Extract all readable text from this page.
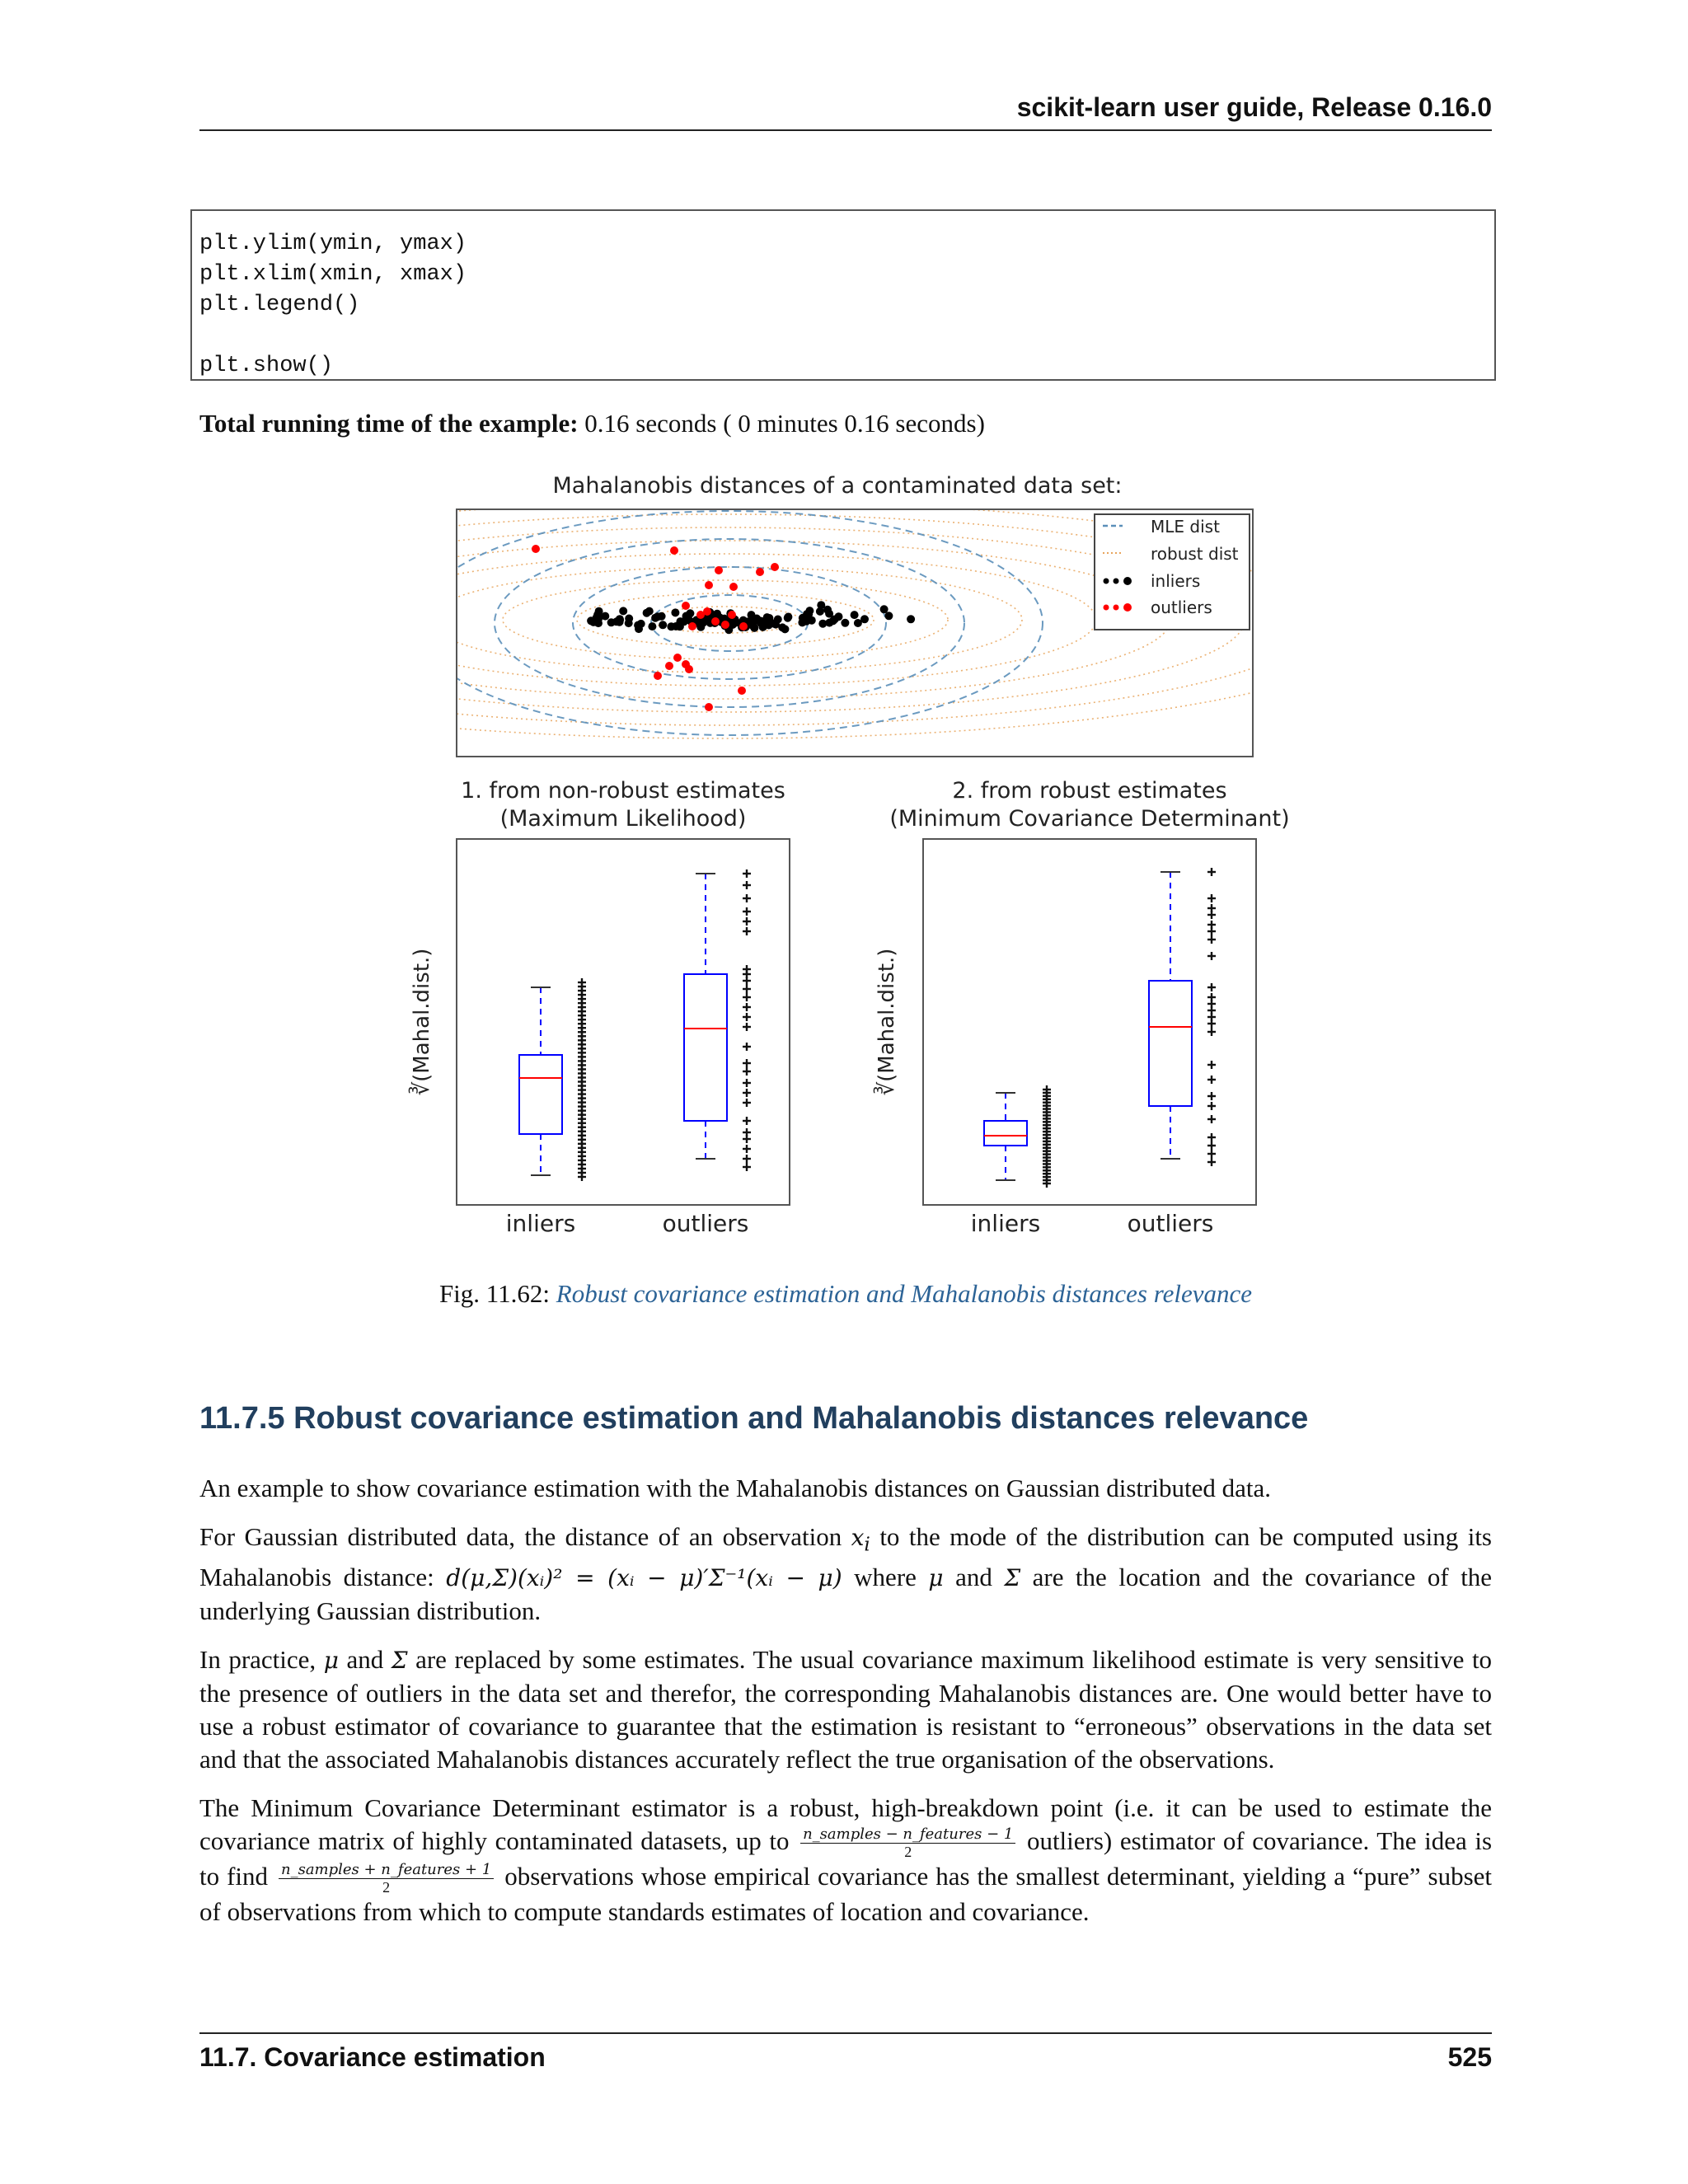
scikit-learn user guide, Release 0.16.0
plt.ylim(ymin, ymax)
plt.xlim(xmin, xmax)
plt.legend()

plt.show()
Total running time of the example: 0.16 seconds ( 0 minutes 0.16 seconds)
Mahalanobis distances of a contaminated data set:
MLE dist
robust dist
inliers
outliers
1. from non-robust estimates
(Maximum Likelihood)
2. from robust estimates
(Minimum Covariance Determinant)
∛(Mahal.dist.)
inliers	outliers
∛(Mahal.dist.)
inliers	outliers
Fig. 11.62: Robust covariance estimation and Mahalanobis distances relevance
11.7.5 Robust covariance estimation and Mahalanobis distances relevance

An example to show covariance estimation with the Mahalanobis distances on Gaussian distributed data.

For Gaussian distributed data, the distance of an observation $x_i$ to the mode of the distribution can be computed using its Mahalanobis distance: d(μ,Σ)(xᵢ)² = (xᵢ − μ)′Σ⁻¹(xᵢ − μ) where μ and Σ are the location and the covariance of the underlying Gaussian distribution.

In practice, μ and Σ are replaced by some estimates. The usual covariance maximum likelihood estimate is very sensitive to the presence of outliers in the data set and therefor, the corresponding Mahalanobis distances are. One would better have to use a robust estimator of covariance to guarantee that the estimation is resistant to “erroneous” observations in the data set and that the associated Mahalanobis distances accurately reflect the true organisation of the observations.

The Minimum Covariance Determinant estimator is a robust, high-breakdown point (i.e. it can be used to estimate the covariance matrix of highly contaminated datasets, up to $\frac{\text{n\_samples − n\_features − 1}}{2}$ outliers) estimator of covariance. The idea is to find $\frac{\text{n\_samples + n\_features + 1}}{2}$ observations whose empirical covariance has the smallest determinant, yielding a “pure” subset of observations from which to compute standards estimates of location and covariance.

11.7. Covariance estimation	525
